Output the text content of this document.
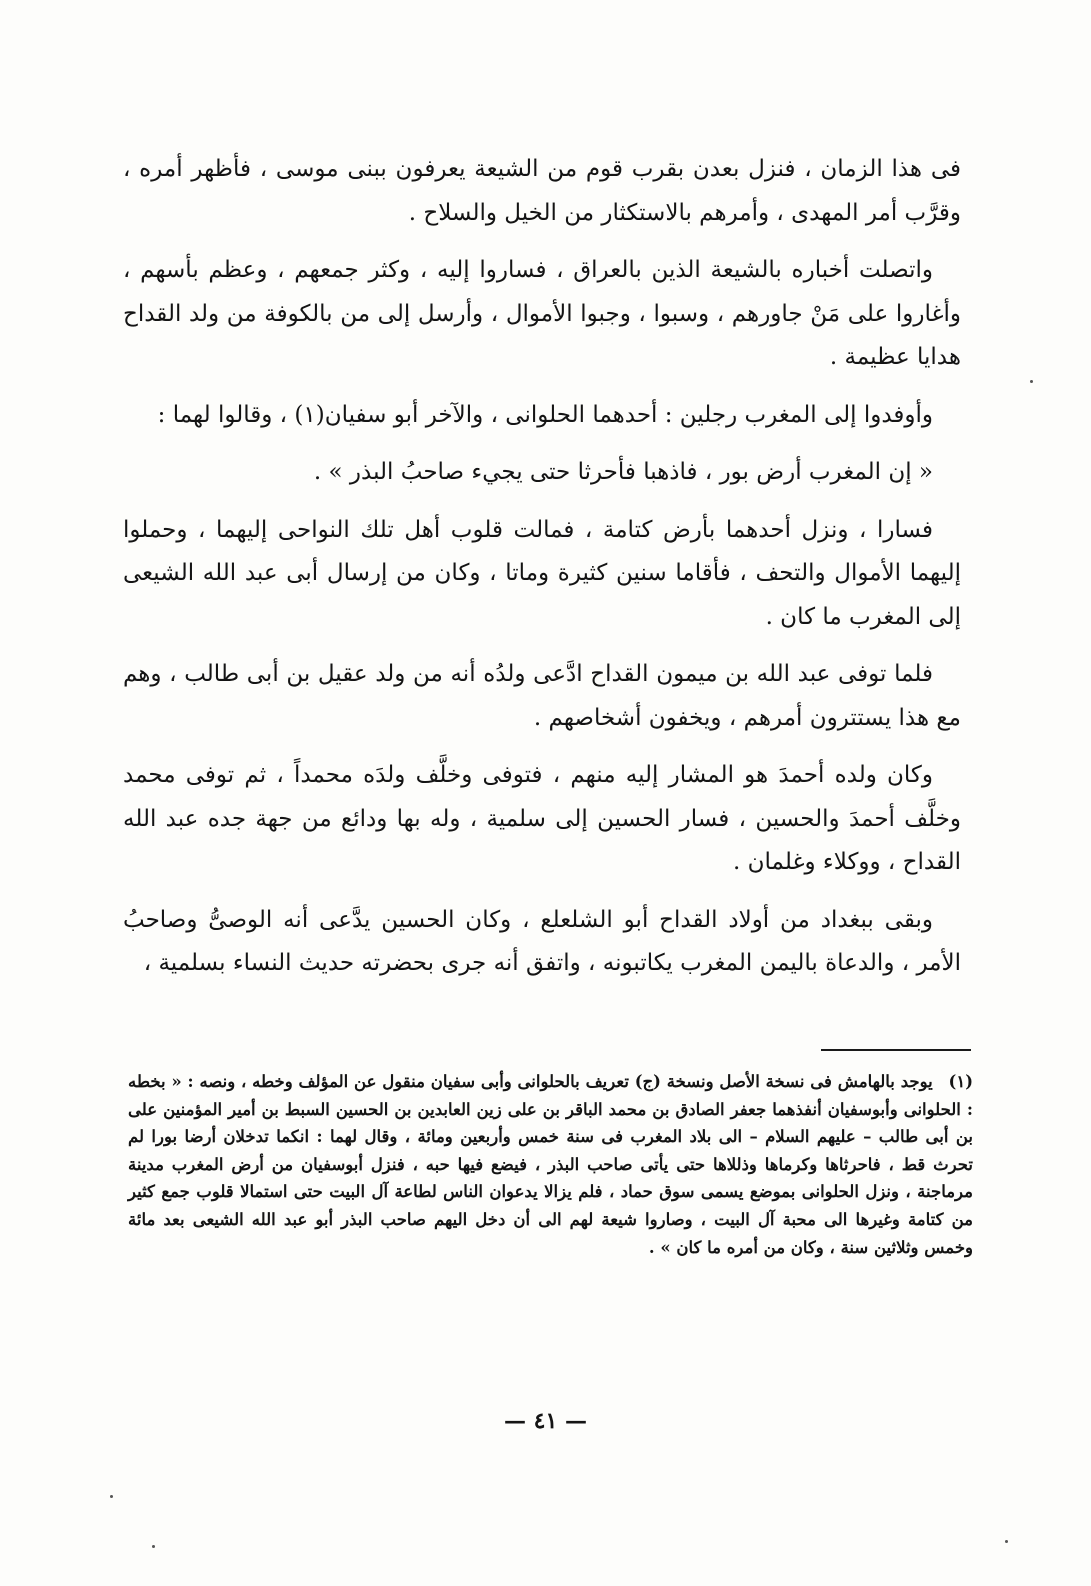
فى هذا الزمان ، فنزل بعدن بقرب قوم من الشيعة يعرفون ببنى موسى ، فأظهر أمره ، وقرَّب أمر المهدى ، وأمرهم بالاستكثار من الخيل والسلاح .

واتصلت أخباره بالشيعة الذين بالعراق ، فساروا إليه ، وكثر جمعهم ، وعظم بأسهم ، وأغاروا على مَنْ جاورهم ، وسبوا ، وجبوا الأموال ، وأرسل إلى من بالكوفة من ولد القداح هدايا عظيمة .

وأوفدوا إلى المغرب رجلين : أحدهما الحلوانى ، والآخر أبو سفيان(١) ، وقالوا لهما :

« إن المغرب أرض بور ، فاذهبا فأحرثا حتى يجيء صاحبُ البذر » .

فسارا ، ونزل أحدهما بأرض كتامة ، فمالت قلوب أهل تلك النواحى إليهما ، وحملوا إليهما الأموال والتحف ، فأقاما سنين كثيرة وماتا ، وكان من إرسال أبى عبد الله الشيعى إلى المغرب ما كان .

فلما توفى عبد الله بن ميمون القداح ادَّعى ولدُه أنه من ولد عقيل بن أبى طالب ، وهم مع هذا يستترون أمرهم ، ويخفون أشخاصهم .

وكان ولده أحمدَ هو المشار إليه منهم ، فتوفى وخلَّف ولدَه محمداً ، ثم توفى محمد وخلَّف أحمدَ والحسين ، فسار الحسين إلى سلمية ، وله بها ودائع من جهة جده عبد الله القداح ، ووكلاء وغلمان .

وبقى ببغداد من أولاد القداح أبو الشلعلع ، وكان الحسين يدَّعى أنه الوصىُّ وصاحبُ الأمر ، والدعاة باليمن المغرب يكاتبونه ، واتفق أنه جرى بحضرته حديث النساء بسلمية ،

(١) يوجد بالهامش فى نسخة الأصل ونسخة (ج) تعريف بالحلوانى وأبى سفيان منقول عن المؤلف وخطه ، ونصه : « بخطه : الحلوانى وأبوسفيان أنفذهما جعفر الصادق بن محمد الباقر بن على زين العابدين بن الحسين السبط بن أمير المؤمنين على بن أبى طالب – عليهم السلام – الى بلاد المغرب فى سنة خمس وأربعين ومائة ، وقال لهما : انكما تدخلان أرضا بورا لم تحرث قط ، فاحرثاها وكرماها وذللاها حتى يأتى صاحب البذر ، فيضع فيها حبه ، فنزل أبوسفيان من أرض المغرب مدينة مرماجنة ، ونزل الحلوانى بموضع يسمى سوق حماد ، فلم يزالا يدعوان الناس لطاعة آل البيت حتى استمالا قلوب جمع كثير من كتامة وغيرها الى محبة آل البيت ، وصاروا شيعة لهم الى أن دخل اليهم صاحب البذر أبو عبد الله الشيعى بعد مائة وخمس وثلاثين سنة ، وكان من أمره ما كان » .
— ٤١ —
